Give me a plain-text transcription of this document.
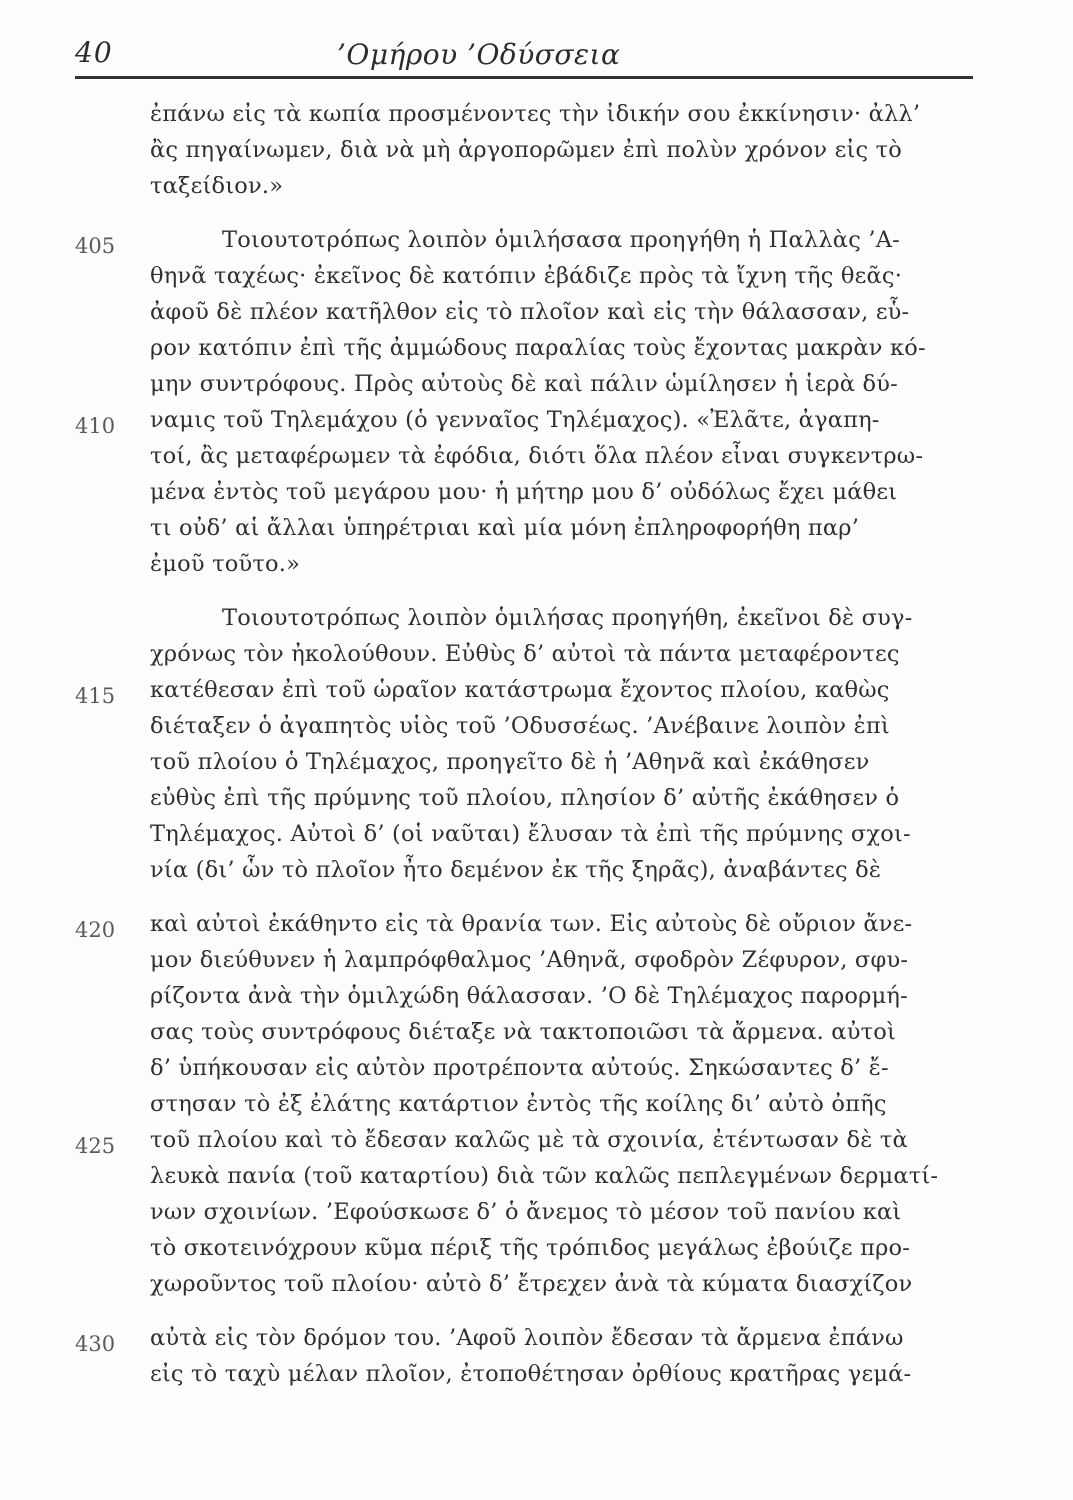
40	’Ομήρου ’Οδύσσεια
405
410
415
420
425
430
ἐπάνω εἰς τὰ κωπία προσμένοντες τὴν ἰδικήν σου ἐκκίνησιν· ἀλλ’
ἂς πηγαίνωμεν, διὰ νὰ μὴ ἀργοπορῶμεν ἐπὶ πολὺν χρόνον εἰς τὸ
ταξείδιον.»
Τοιουτοτρόπως λοιπὸν ὁμιλήσασα προηγήθη ἡ Παλλὰς ’Α-
θηνᾶ ταχέως· ἐκεῖνος δὲ κατόπιν ἐβάδιζε πρὸς τὰ ἴχνη τῆς θεᾶς·
ἀφοῦ δὲ πλέον κατῆλθον εἰς τὸ πλοῖον καὶ εἰς τὴν θάλασσαν, εὗ-
ρον κατόπιν ἐπὶ τῆς ἀμμώδους παραλίας τοὺς ἔχοντας μακρὰν κό-
μην συντρόφους. Πρὸς αὐτοὺς δὲ καὶ πάλιν ὡμίλησεν ἡ ἱερὰ δύ-
ναμις τοῦ Τηλεμάχου (ὁ γενναῖος Τηλέμαχος). «Ἐλᾶτε, ἀγαπη-
τοί, ἂς μεταφέρωμεν τὰ ἐφόδια, διότι ὅλα πλέον εἶναι συγκεντρω-
μένα ἐντὸς τοῦ μεγάρου μου· ἡ μήτηρ μου δ’ οὐδόλως ἔχει μάθει
τι οὐδ’ αἱ ἄλλαι ὑπηρέτριαι καὶ μία μόνη ἐπληροφορήθη παρ’
ἐμοῦ τοῦτο.»
Τοιουτοτρόπως λοιπὸν ὁμιλήσας προηγήθη, ἐκεῖνοι δὲ συγ-
χρόνως τὸν ἠκολούθουν. Εὐθὺς δ’ αὐτοὶ τὰ πάντα μεταφέροντες
κατέθεσαν ἐπὶ τοῦ ὡραῖον κατάστρωμα ἔχοντος πλοίου, καθὼς
διέταξεν ὁ ἀγαπητὸς υἱὸς τοῦ ’Οδυσσέως. ’Ανέβαινε λοιπὸν ἐπὶ
τοῦ πλοίου ὁ Τηλέμαχος, προηγεῖτο δὲ ἡ ’Αθηνᾶ καὶ ἐκάθησεν
εὐθὺς ἐπὶ τῆς πρύμνης τοῦ πλοίου, πλησίον δ’ αὐτῆς ἐκάθησεν ὁ
Τηλέμαχος. Αὐτοὶ δ’ (οἱ ναῦται) ἔλυσαν τὰ ἐπὶ τῆς πρύμνης σχοι-
νία (δι’ ὧν τὸ πλοῖον ἦτο δεμένον ἐκ τῆς ξηρᾶς), ἀναβάντες δὲ
καὶ αὐτοὶ ἐκάθηντο εἰς τὰ θρανία των. Εἰς αὐτοὺς δὲ οὔριον ἄνε-
μον διεύθυνεν ἡ λαμπρόφθαλμος ’Αθηνᾶ, σφοδρὸν Ζέφυρον, σφυ-
ρίζοντα ἀνὰ τὴν ὁμιλχώδη θάλασσαν. ’Ο δὲ Τηλέμαχος παρορμή-
σας τοὺς συντρόφους διέταξε νὰ τακτοποιῶσι τὰ ἄρμενα. αὐτοὶ
δ’ ὑπήκουσαν εἰς αὐτὸν προτρέποντα αὐτούς. Σηκώσαντες δ’ ἔ-
στησαν τὸ ἐξ ἐλάτης κατάρτιον ἐντὸς τῆς κοίλης δι’ αὐτὸ ὀπῆς
τοῦ πλοίου καὶ τὸ ἔδεσαν καλῶς μὲ τὰ σχοινία, ἐτέντωσαν δὲ τὰ
λευκὰ πανία (τοῦ καταρτίου) διὰ τῶν καλῶς πεπλεγμένων δερματί-
νων σχοινίων. ’Εφούσκωσε δ’ ὁ ἄνεμος τὸ μέσον τοῦ πανίου καὶ
τὸ σκοτεινόχρουν κῦμα πέριξ τῆς τρόπιδος μεγάλως ἐβούιζε προ-
χωροῦντος τοῦ πλοίου· αὐτὸ δ’ ἔτρεχεν ἀνὰ τὰ κύματα διασχίζον
αὐτὰ εἰς τὸν δρόμον του. ’Αφοῦ λοιπὸν ἔδεσαν τὰ ἄρμενα ἐπάνω
εἰς τὸ ταχὺ μέλαν πλοῖον, ἐτοποθέτησαν ὀρθίους κρατῆρας γεμά-
